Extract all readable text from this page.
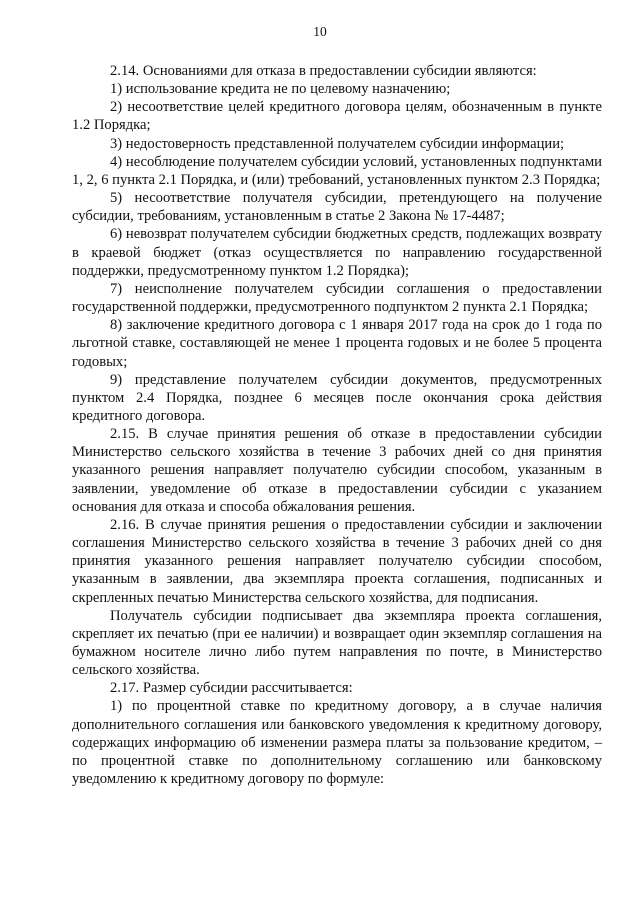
10

2.14. Основаниями для отказа в предоставлении субсидии являются:

1) использование кредита не по целевому назначению;

2) несоответствие целей кредитного договора целям, обозначенным в пункте 1.2 Порядка;

3) недостоверность представленной получателем субсидии информации;

4) несоблюдение получателем субсидии условий, установленных подпунктами 1, 2, 6 пункта 2.1 Порядка, и (или) требований, установленных пунктом 2.3 Порядка;

5) несоответствие получателя субсидии, претендующего на получение субсидии, требованиям, установленным в статье 2 Закона № 17-4487;

6) невозврат получателем субсидии бюджетных средств, подлежащих возврату в краевой бюджет (отказ осуществляется по направлению государственной поддержки, предусмотренному пунктом 1.2 Порядка);

7) неисполнение получателем субсидии соглашения о предоставлении государственной поддержки, предусмотренного подпунктом 2 пункта 2.1 Порядка;

8) заключение кредитного договора с 1 января 2017 года на срок до 1 года по льготной ставке, составляющей не менее 1 процента годовых и не более 5 процента годовых;

9) представление получателем субсидии документов, предусмотренных пунктом 2.4 Порядка, позднее 6 месяцев после окончания срока действия кредитного договора.

2.15. В случае принятия решения об отказе в предоставлении субсидии Министерство сельского хозяйства в течение 3 рабочих дней со дня принятия указанного решения направляет получателю субсидии способом, указанным в заявлении, уведомление об отказе в предоставлении субсидии с указанием основания для отказа и способа обжалования решения.

2.16. В случае принятия решения о предоставлении субсидии и заключении соглашения Министерство сельского хозяйства в течение 3 рабочих дней со дня принятия указанного решения направляет получателю субсидии способом, указанным в заявлении, два экземпляра проекта соглашения, подписанных и скрепленных печатью Министерства сельского хозяйства, для подписания.

Получатель субсидии подписывает два экземпляра проекта соглашения, скрепляет их печатью (при ее наличии) и возвращает один экземпляр соглашения на бумажном носителе лично либо путем направления по почте, в Министерство сельского хозяйства.

2.17. Размер субсидии рассчитывается:

1) по процентной ставке по кредитному договору, а в случае наличия дополнительного соглашения или банковского уведомления к кредитному договору, содержащих информацию об изменении размера платы за пользование кредитом, – по процентной ставке по дополнительному соглашению или банковскому уведомлению к кредитному договору по формуле:
